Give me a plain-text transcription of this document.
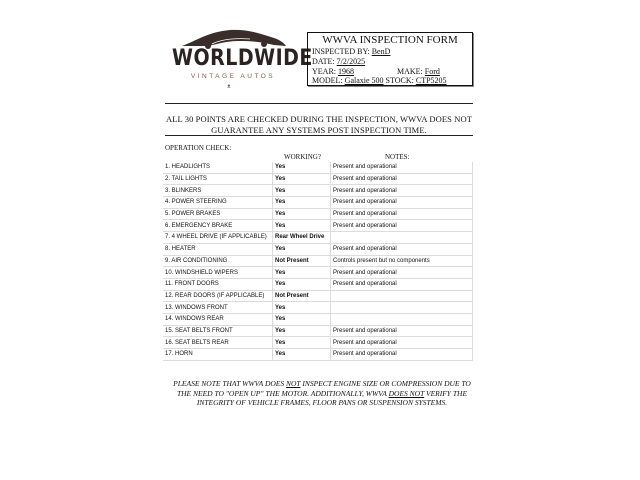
WORLDWIDE
VINTAGE AUTOS
ᴥ
WWVA INSPECTION FORM
INSPECTED BY: BenD
DATE: 7/2/2025
YEAR: 1968	MAKE: Ford
MODEL: Galaxie 500 STOCK: CTP5205
ALL 30 POINTS ARE CHECKED DURING THE INSPECTION, WWVA DOES NOT
GUARANTEE ANY SYSTEMS POST INSPECTION TIME.
OPERATION CHECK:
WORKING?	NOTES:
1. HEADLIGHTS	Yes	Present and operational
2. TAIL LIGHTS	Yes	Present and operational
3. BLINKERS	Yes	Present and operational
4. POWER STEERING	Yes	Present and operational
5. POWER BRAKES	Yes	Present and operational
6. EMERGENCY BRAKE	Yes	Present and operational
7. 4 WHEEL DRIVE (IF APPLICABLE)	Rear Wheel Drive	
8. HEATER	Yes	Present and operational
9. AIR CONDITIONING	Not Present	Controls present but no components
10. WINDSHIELD WIPERS	Yes	Present and operational
11. FRONT DOORS	Yes	Present and operational
12. REAR DOORS (IF APPLICABLE)	Not Present	
13. WINDOWS FRONT	Yes	
14. WINDOWS REAR	Yes	
15. SEAT BELTS FRONT	Yes	Present and operational
16. SEAT BELTS REAR	Yes	Present and operational
17. HORN	Yes	Present and operational
PLEASE NOTE THAT WWVA DOES NOT INSPECT ENGINE SIZE OR COMPRESSION DUE TO
THE NEED TO "OPEN UP" THE MOTOR. ADDITIONALLY, WWVA DOES NOT VERIFY THE
INTEGRITY OF VEHICLE FRAMES, FLOOR PANS OR SUSPENSION SYSTEMS.
